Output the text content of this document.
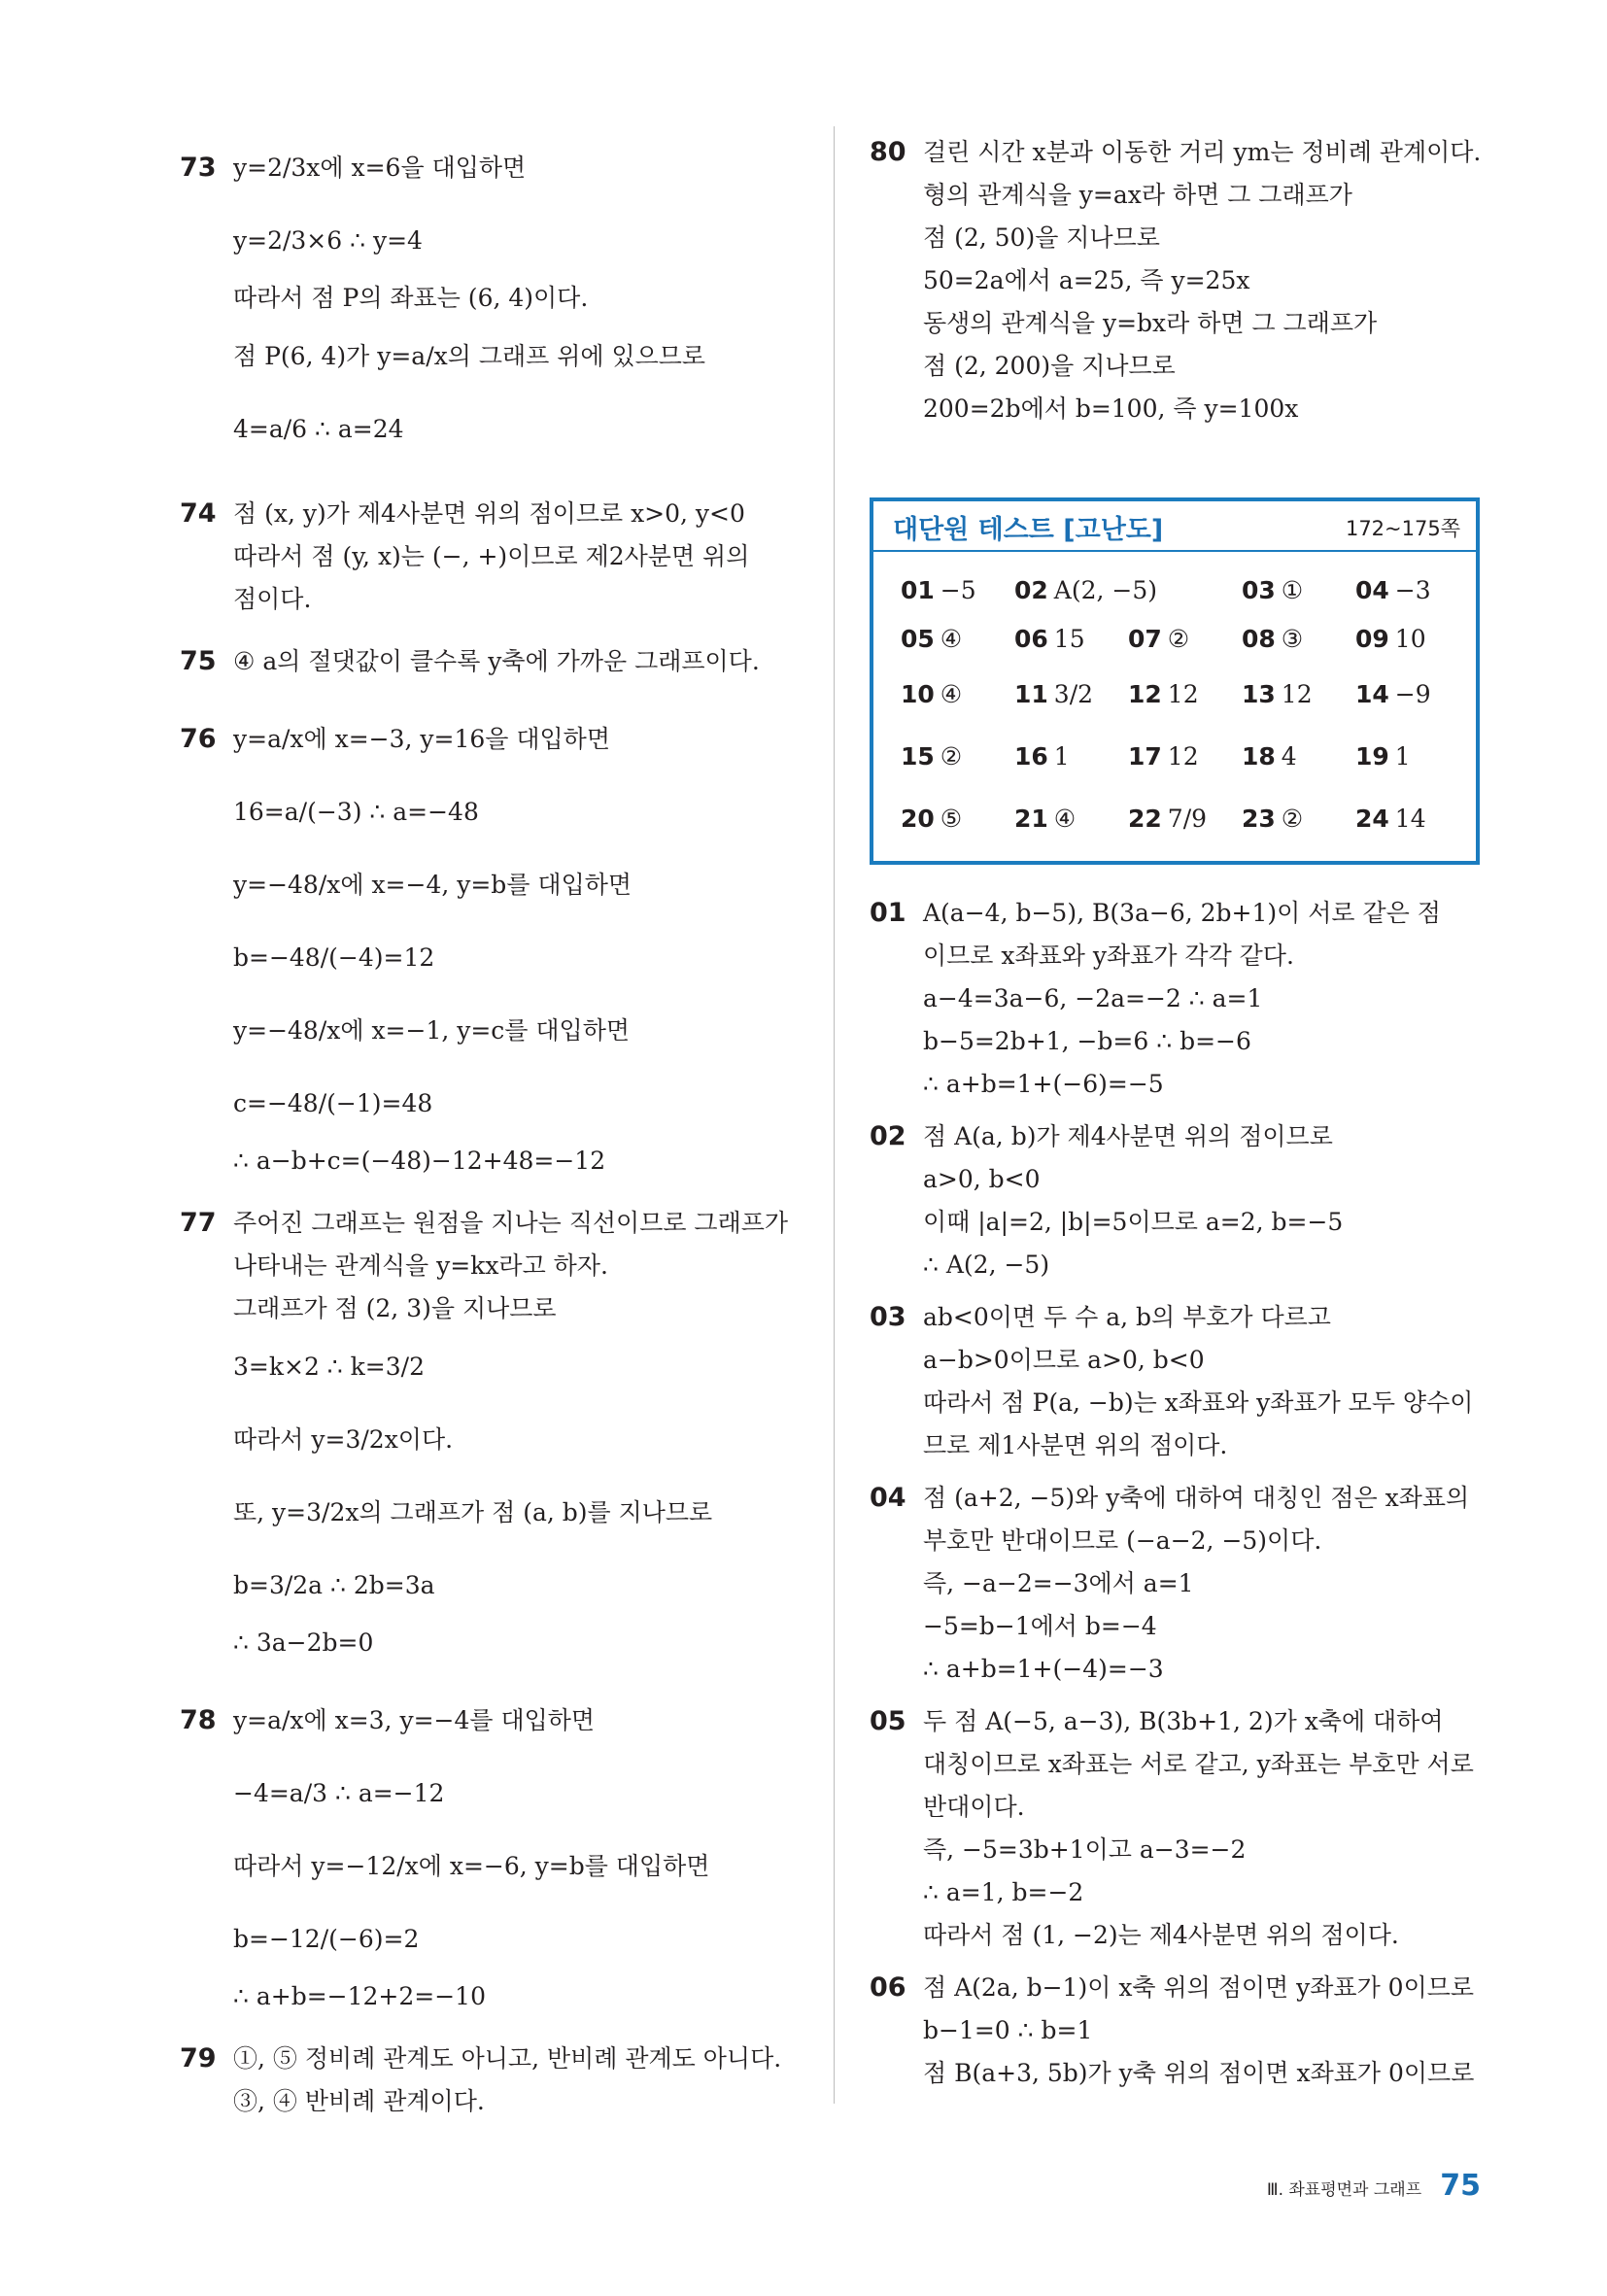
73 y=2/3x에 x=6을 대입하면
y=2/3×6 ∴ y=4
따라서 점 P의 좌표는 (6, 4)이다.
점 P(6, 4)가 y=a/x의 그래프 위에 있으므로
4=a/6 ∴ a=24
74 점 (x, y)가 제4사분면 위의 점이므로 x>0, y<0
따라서 점 (y, x)는 (−, +)이므로 제2사분면 위의
점이다.
75 ④ a의 절댓값이 클수록 y축에 가까운 그래프이다.
76 y=a/x에 x=−3, y=16을 대입하면
16=a/(−3) ∴ a=−48
y=−48/x에 x=−4, y=b를 대입하면
b=−48/(−4)=12
y=−48/x에 x=−1, y=c를 대입하면
c=−48/(−1)=48
∴ a−b+c=(−48)−12+48=−12
77 주어진 그래프는 원점을 지나는 직선이므로 그래프가
나타내는 관계식을 y=kx라고 하자.
그래프가 점 (2, 3)을 지나므로
3=k×2 ∴ k=3/2
따라서 y=3/2x이다.
또, y=3/2x의 그래프가 점 (a, b)를 지나므로
b=3/2a ∴ 2b=3a
∴ 3a−2b=0
78 y=a/x에 x=3, y=−4를 대입하면
−4=a/3 ∴ a=−12
따라서 y=−12/x에 x=−6, y=b를 대입하면
b=−12/(−6)=2
∴ a+b=−12+2=−10
79 ①, ⑤ 정비례 관계도 아니고, 반비례 관계도 아니다.
③, ④ 반비례 관계이다.
80 걸린 시간 x분과 이동한 거리 ym는 정비례 관계이다.
형의 관계식을 y=ax라 하면 그 그래프가
점 (2, 50)을 지나므로
50=2a에서 a=25, 즉 y=25x
동생의 관계식을 y=bx라 하면 그 그래프가
점 (2, 200)을 지나므로
200=2b에서 b=100, 즉 y=100x
대단원 테스트 [고난도]	172~175쪽
01 −5	02 A(2, −5)	03 ①	04 −3
05 ④	06 15	07 ②	08 ③	09 10
10 ④	11 3/2	12 12	13 12	14 −9
15 ②	16 1	17 12	18 4	19 1
20 ⑤	21 ④	22 7/9	23 ②	24 14
01 A(a−4, b−5), B(3a−6, 2b+1)이 서로 같은 점
이므로 x좌표와 y좌표가 각각 같다.
a−4=3a−6, −2a=−2 ∴ a=1
b−5=2b+1, −b=6 ∴ b=−6
∴ a+b=1+(−6)=−5
02 점 A(a, b)가 제4사분면 위의 점이므로
a>0, b<0
이때 |a|=2, |b|=5이므로 a=2, b=−5
∴ A(2, −5)
03 ab<0이면 두 수 a, b의 부호가 다르고
a−b>0이므로 a>0, b<0
따라서 점 P(a, −b)는 x좌표와 y좌표가 모두 양수이
므로 제1사분면 위의 점이다.
04 점 (a+2, −5)와 y축에 대하여 대칭인 점은 x좌표의
부호만 반대이므로 (−a−2, −5)이다.
즉, −a−2=−3에서 a=1
−5=b−1에서 b=−4
∴ a+b=1+(−4)=−3
05 두 점 A(−5, a−3), B(3b+1, 2)가 x축에 대하여
대칭이므로 x좌표는 서로 같고, y좌표는 부호만 서로
반대이다.
즉, −5=3b+1이고 a−3=−2
∴ a=1, b=−2
따라서 점 (1, −2)는 제4사분면 위의 점이다.
06 점 A(2a, b−1)이 x축 위의 점이면 y좌표가 0이므로
b−1=0 ∴ b=1
점 B(a+3, 5b)가 y축 위의 점이면 x좌표가 0이므로
Ⅲ. 좌표평면과 그래프 75
